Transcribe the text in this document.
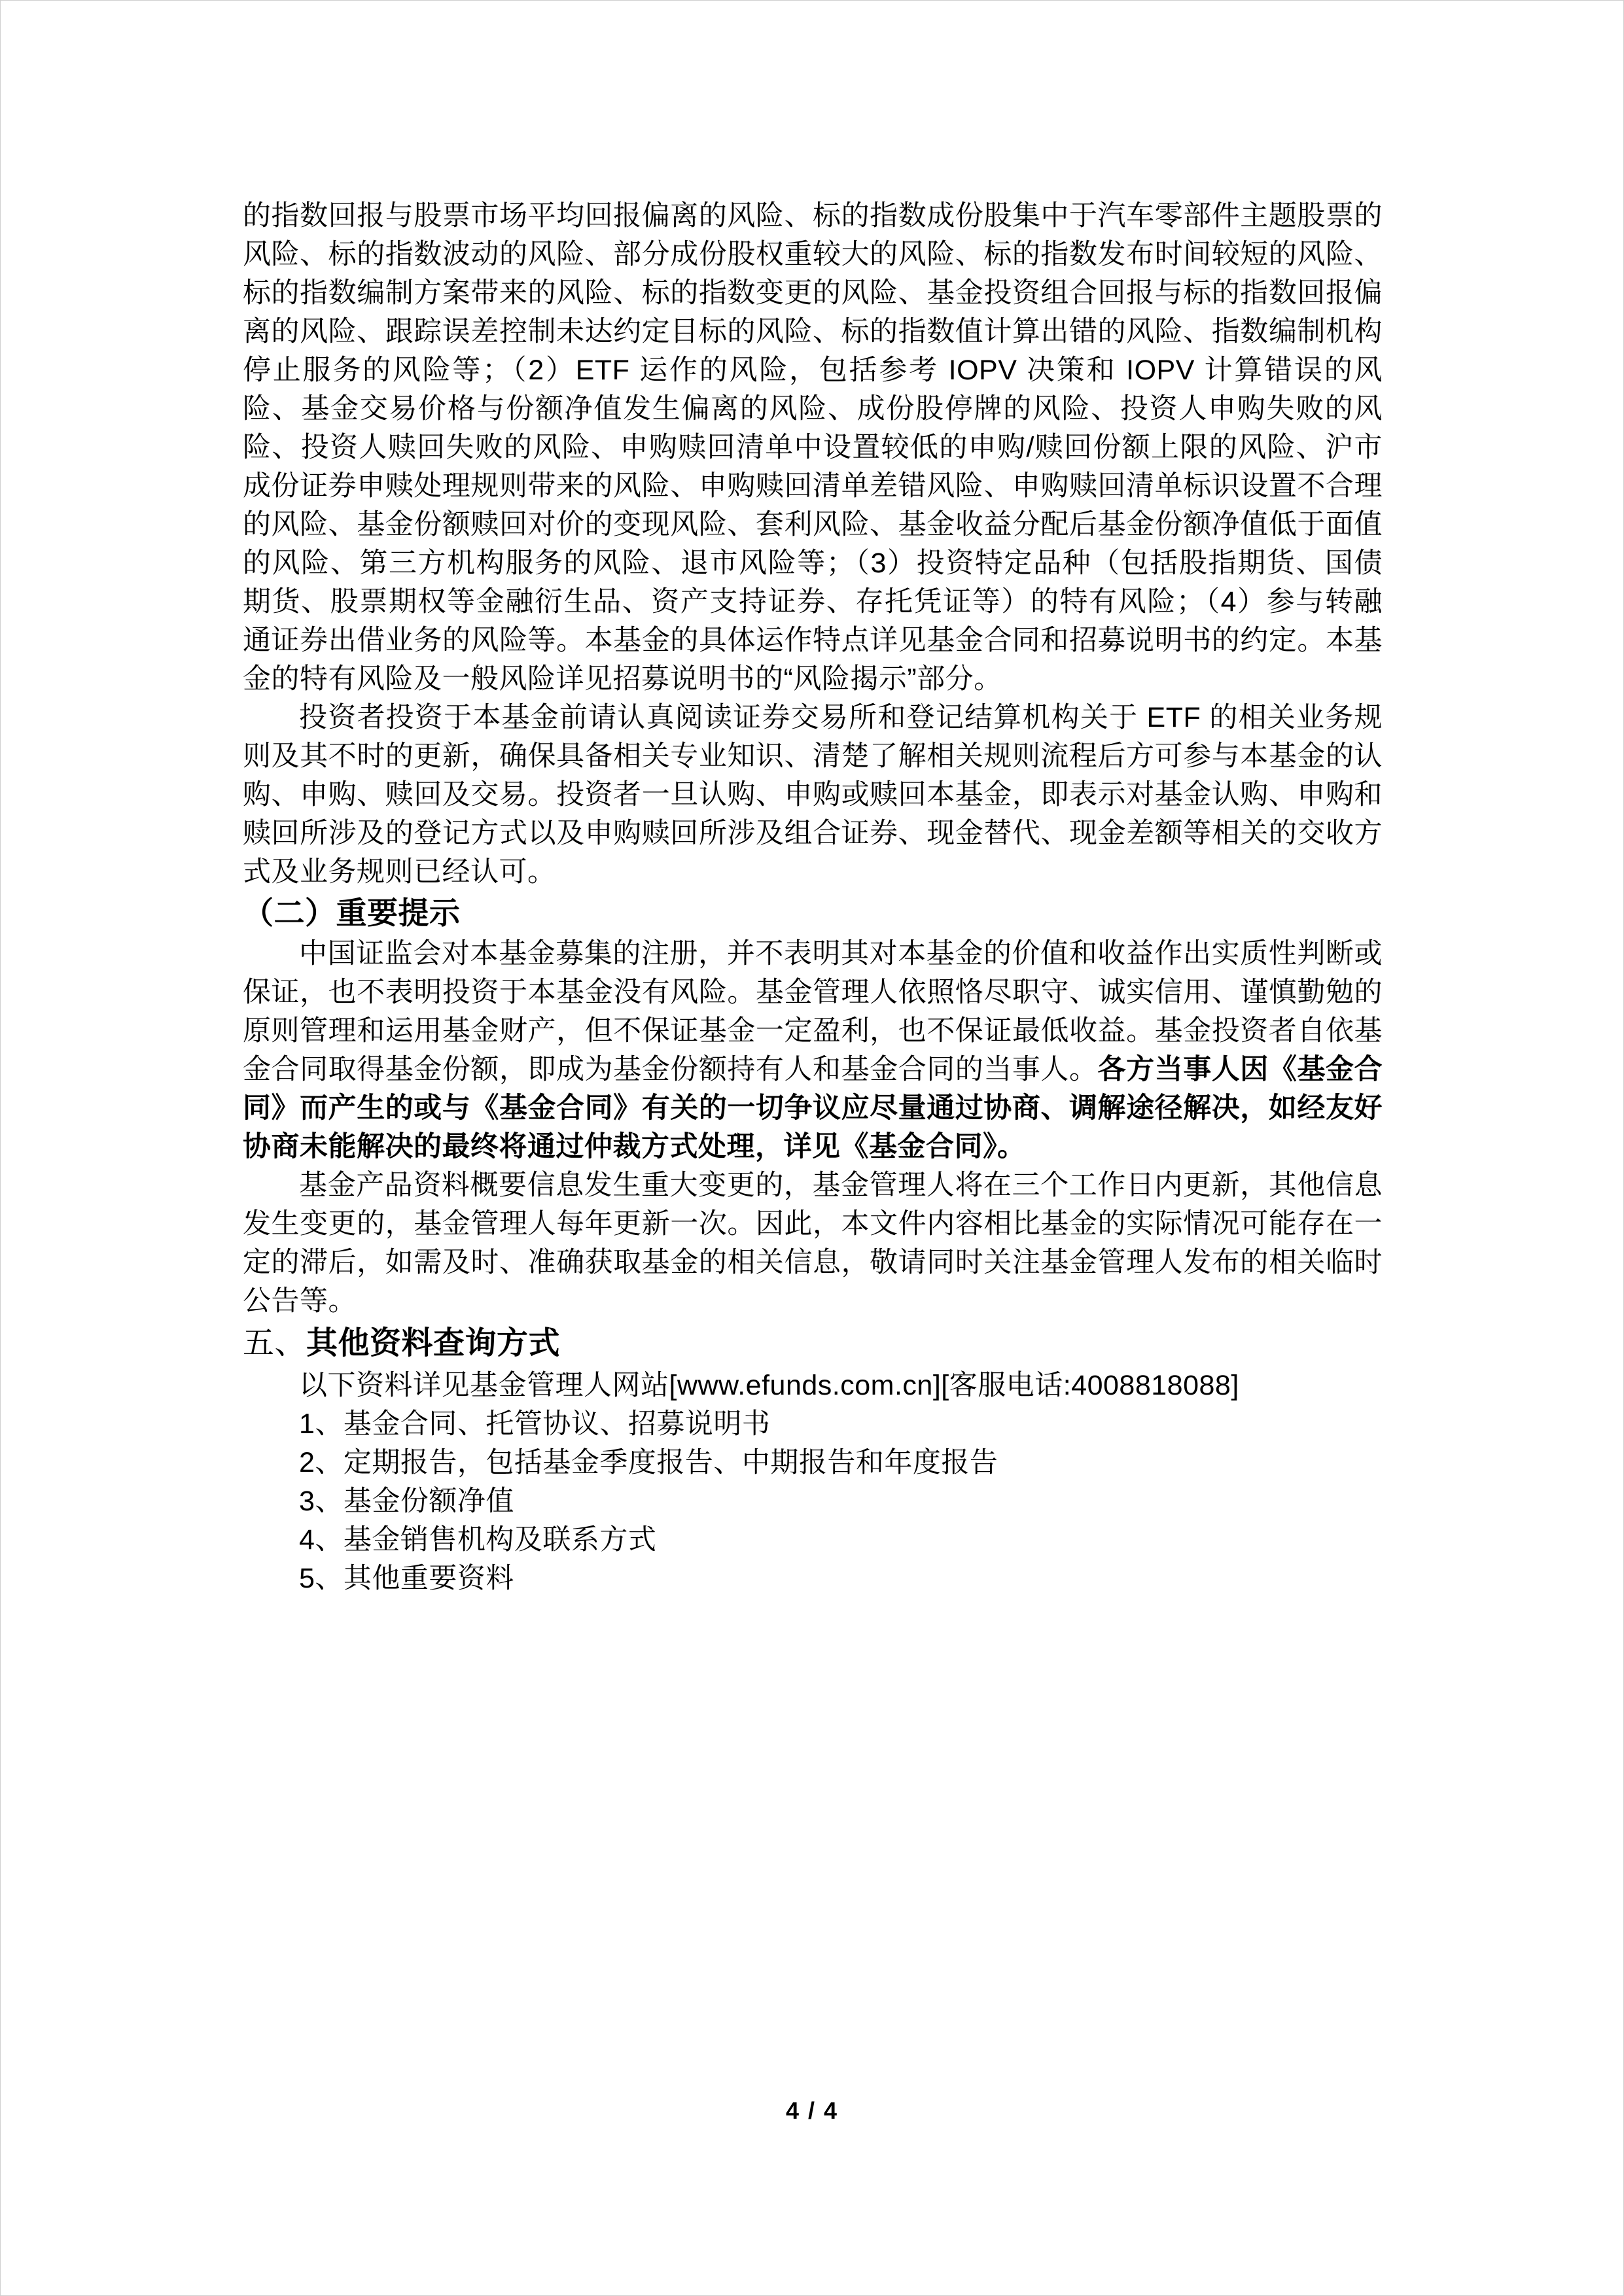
的指数回报与股票市场平均回报偏离的风险、标的指数成份股集中于汽车零部件主题股票的风险、标的指数波动的风险、部分成份股权重较大的风险、标的指数发布时间较短的风险、标的指数编制方案带来的风险、标的指数变更的风险、基金投资组合回报与标的指数回报偏离的风险、跟踪误差控制未达约定目标的风险、标的指数值计算出错的风险、指数编制机构停止服务的风险等；（2）ETF 运作的风险，包括参考 IOPV 决策和 IOPV 计算错误的风险、基金交易价格与份额净值发生偏离的风险、成份股停牌的风险、投资人申购失败的风险、投资人赎回失败的风险、申购赎回清单中设置较低的申购/赎回份额上限的风险、沪市成份证券申赎处理规则带来的风险、申购赎回清单差错风险、申购赎回清单标识设置不合理的风险、基金份额赎回对价的变现风险、套利风险、基金收益分配后基金份额净值低于面值的风险、第三方机构服务的风险、退市风险等；（3）投资特定品种（包括股指期货、国债期货、股票期权等金融衍生品、资产支持证券、存托凭证等）的特有风险；（4）参与转融通证券出借业务的风险等。本基金的具体运作特点详见基金合同和招募说明书的约定。本基金的特有风险及一般风险详见招募说明书的“风险揭示”部分。

投资者投资于本基金前请认真阅读证券交易所和登记结算机构关于 ETF 的相关业务规则及其不时的更新，确保具备相关专业知识、清楚了解相关规则流程后方可参与本基金的认购、申购、赎回及交易。投资者一旦认购、申购或赎回本基金，即表示对基金认购、申购和赎回所涉及的登记方式以及申购赎回所涉及组合证券、现金替代、现金差额等相关的交收方式及业务规则已经认可。

（二）重要提示

中国证监会对本基金募集的注册，并不表明其对本基金的价值和收益作出实质性判断或保证，也不表明投资于本基金没有风险。基金管理人依照恪尽职守、诚实信用、谨慎勤勉的原则管理和运用基金财产，但不保证基金一定盈利，也不保证最低收益。基金投资者自依基金合同取得基金份额，即成为基金份额持有人和基金合同的当事人。各方当事人因《基金合同》而产生的或与《基金合同》有关的一切争议应尽量通过协商、调解途径解决，如经友好协商未能解决的最终将通过仲裁方式处理，详见《基金合同》。

基金产品资料概要信息发生重大变更的，基金管理人将在三个工作日内更新，其他信息发生变更的，基金管理人每年更新一次。因此，本文件内容相比基金的实际情况可能存在一定的滞后，如需及时、准确获取基金的相关信息，敬请同时关注基金管理人发布的相关临时公告等。

五、其他资料查询方式

以下资料详见基金管理人网站[www.efunds.com.cn][客服电话:4008818088]

1、基金合同、托管协议、招募说明书

2、定期报告，包括基金季度报告、中期报告和年度报告

3、基金份额净值

4、基金销售机构及联系方式

5、其他重要资料

4 / 4
